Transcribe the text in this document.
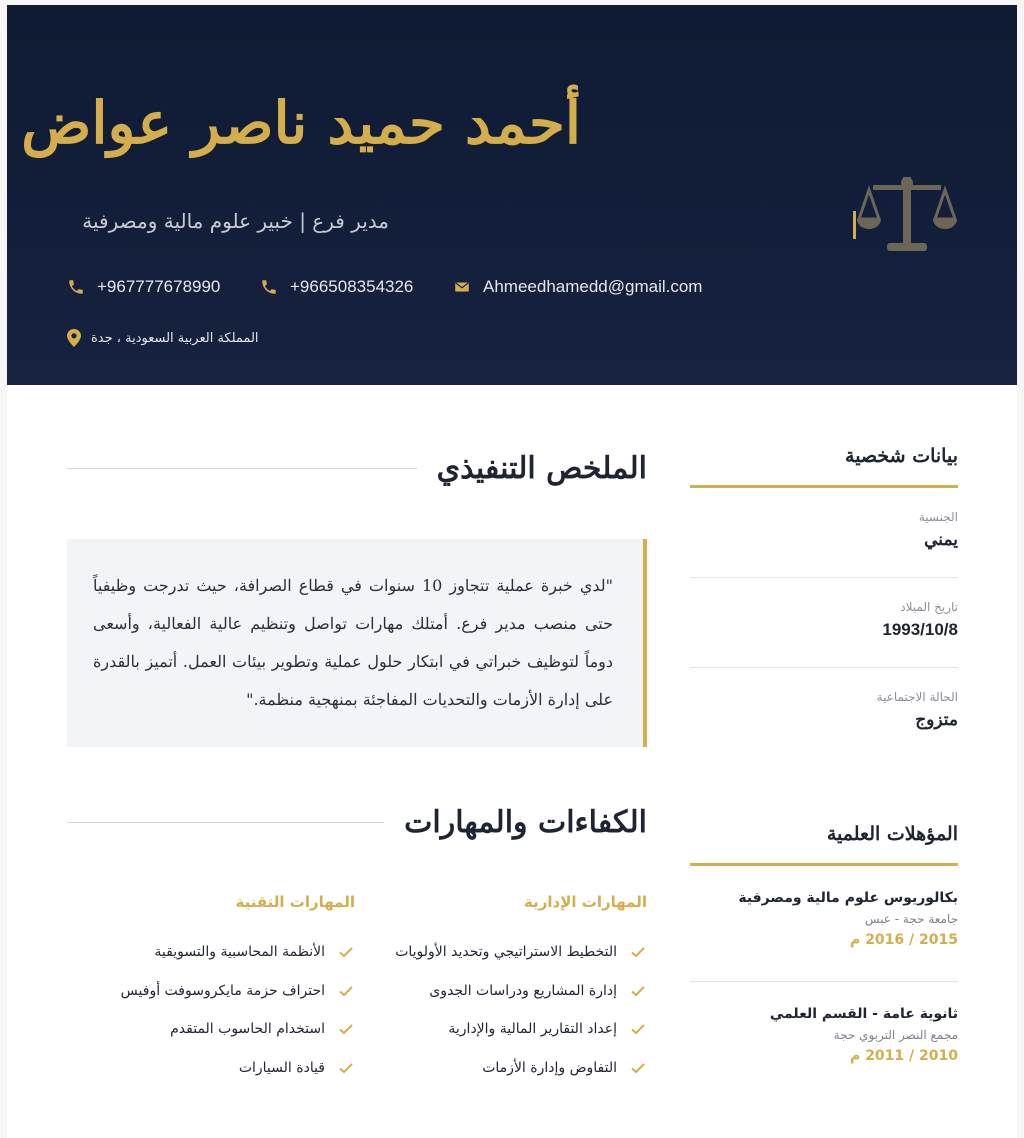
أحمد حميد ناصر عواض
مدير فرع | خبير علوم مالية ومصرفية
+967777678990	+966508354326	Ahmeedhamedd@gmail.com
المملكة العربية السعودية ، جدة
بيانات شخصية
الجنسية
يمني
تاريخ الميلاد
1993/10/8
الحالة الاجتماعية
متزوج
المؤهلات العلمية
بكالوريوس علوم مالية ومصرفية
جامعة حجة - عبس
2015 / 2016 م
ثانوية عامة - القسم العلمي
مجمع النصر التربوي حجة
2010 / 2011 م
الملخص التنفيذي

"لدي خبرة عملية تتجاوز 10 سنوات في قطاع الصرافة، حيث تدرجت وظيفياً حتى منصب مدير فرع. أمتلك مهارات تواصل وتنظيم عالية الفعالية، وأسعى دوماً لتوظيف خبراتي في ابتكار حلول عملية وتطوير بيئات العمل. أتميز بالقدرة على إدارة الأزمات والتحديات المفاجئة بمنهجية منظمة."

الكفاءات والمهارات
المهارات الإدارية
التخطيط الاستراتيجي وتحديد الأولويات
إدارة المشاريع ودراسات الجدوى
إعداد التقارير المالية والإدارية
التفاوض وإدارة الأزمات
المهارات التقنية
الأنظمة المحاسبية والتسويقية
احتراف حزمة مايكروسوفت أوفيس
استخدام الحاسوب المتقدم
قيادة السيارات
